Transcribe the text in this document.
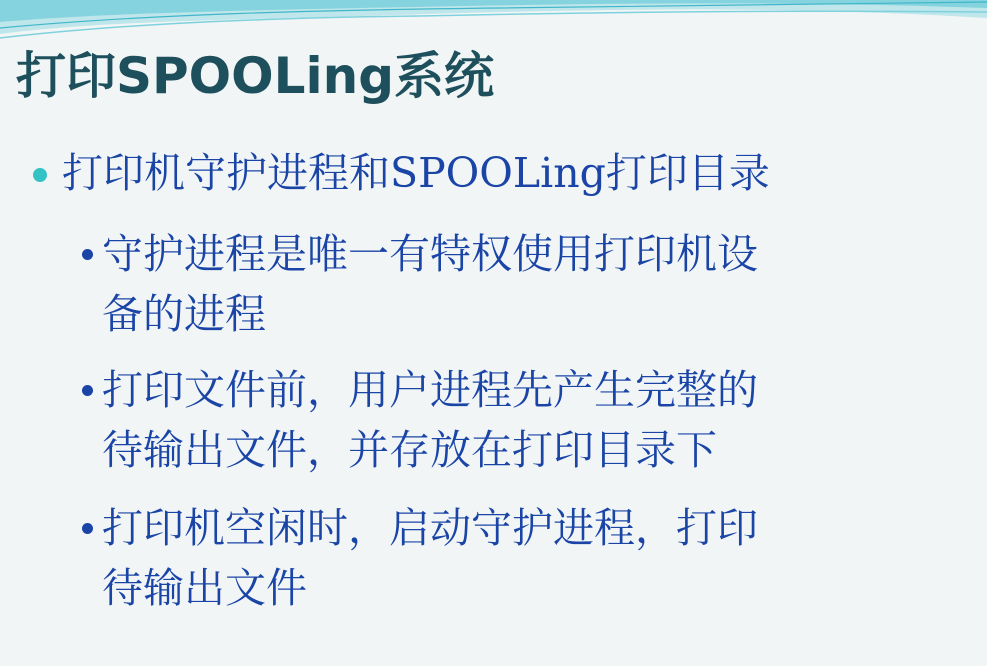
打印SPOOLing系统
打印机守护进程和SPOOLing打印目录
守护进程是唯一有特权使用打印机设
备的进程
打印文件前，用户进程先产生完整的
待输出文件，并存放在打印目录下
打印机空闲时，启动守护进程，打印
待输出文件
